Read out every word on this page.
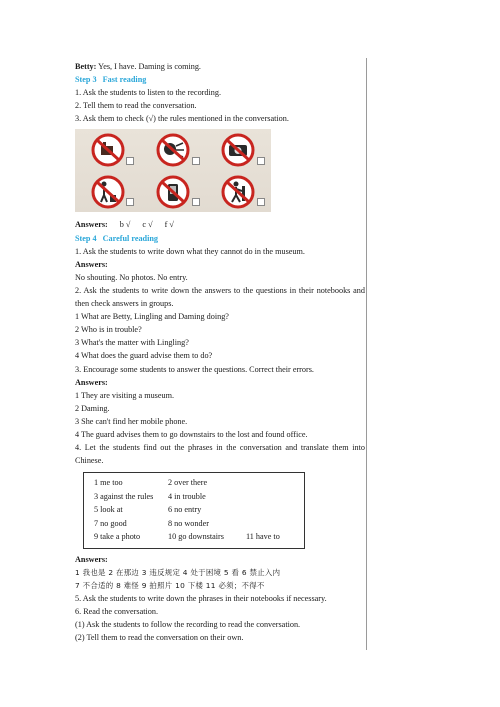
Betty: Yes, I have. Daming is coming.
Step 3 Fast reading
1. Ask the students to listen to the recording.
2. Tell them to read the conversation.
3. Ask them to check (√) the rules mentioned in the conversation.
Answers: b √ c √ f √
Step 4 Careful reading
1. Ask the students to write down what they cannot do in the museum.
Answers:
No shouting. No photos. No entry.
2. Ask the students to write down the answers to the questions in their notebooks and then check answers in groups.
1 What are Betty, Lingling and Daming doing?
2 Who is in trouble?
3 What's the matter with Lingling?
4 What does the guard advise them to do?
3. Encourage some students to answer the questions. Correct their errors.
Answers:
1 They are visiting a museum.
2 Daming.
3 She can't find her mobile phone.
4 The guard advises them to go downstairs to the lost and found office.
4. Let the students find out the phrases in the conversation and translate them into Chinese.
1 me too	2 over there
3 against the rules	4 in trouble
5 look at	6 no entry
7 no good	8 no wonder
9 take a photo	10 go downstairs	11 have to
Answers:
1 我也是 2 在那边 3 违反规定 4 处于困境 5 看 6 禁止入内
7 不合适的 8 难怪 9 拍照片 10 下楼 11 必须；不得不
5. Ask the students to write down the phrases in their notebooks if necessary.
6. Read the conversation.
(1) Ask the students to follow the recording to read the conversation.
(2) Tell them to read the conversation on their own.
